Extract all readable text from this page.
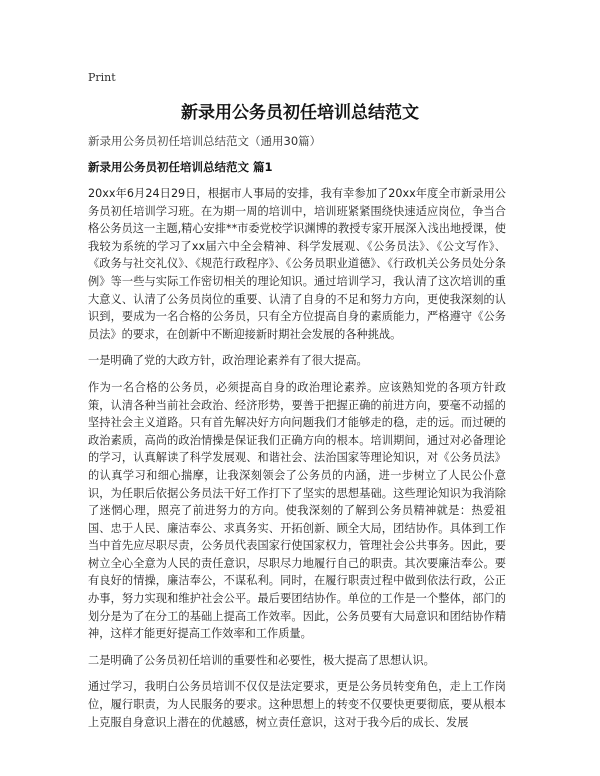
Print
新录用公务员初任培训总结范文
新录用公务员初任培训总结范文（通用30篇）
新录用公务员初任培训总结范文 篇1

20xx年6月24日29日，根据市人事局的安排，我有幸参加了20xx年度全市新录用公务员初任培训学习班。在为期一周的培训中，培训班紧紧围绕快速适应岗位，争当合格公务员这一主题,精心安排**市委党校学识渊博的教授专家开展深入浅出地授课，使我较为系统的学习了xx届六中全会精神、科学发展观、《公务员法》、《公文写作》、《政务与社交礼仪》、《规范行政程序》、《公务员职业道德》、《行政机关公务员处分条例》等一些与实际工作密切相关的理论知识。通过培训学习，我认清了这次培训的重大意义、认清了公务员岗位的重要、认清了自身的不足和努力方向，更使我深刻的认识到，要成为一名合格的公务员，只有全方位提高自身的素质能力，严格遵守《公务员法》的要求，在创新中不断迎接新时期社会发展的各种挑战。

一是明确了党的大政方针，政治理论素养有了很大提高。

作为一名合格的公务员，必须提高自身的政治理论素养。应该熟知党的各项方针政策，认清各种当前社会政治、经济形势，要善于把握正确的前进方向，要毫不动摇的坚持社会主义道路。只有首先解决好方向问题我们才能够走的稳，走的远。而过硬的政治素质，高尚的政治情操是保证我们正确方向的根本。培训期间，通过对必备理论的学习，认真解读了科学发展观、和谐社会、法治国家等理论知识，对《公务员法》的认真学习和细心揣摩，让我深刻领会了公务员的内涵，进一步树立了人民公仆意识，为任职后依据公务员法干好工作打下了坚实的思想基础。这些理论知识为我消除了迷惘心理，照亮了前进努力的方向。使我深刻的了解到公务员精神就是：热爱祖国、忠于人民、廉洁奉公、求真务实、开拓创新、顾全大局，团结协作。具体到工作当中首先应尽职尽责，公务员代表国家行使国家权力，管理社会公共事务。因此，要树立全心全意为人民的责任意识，尽职尽力地履行自己的职责。其次要廉洁奉公。要有良好的情操，廉洁奉公，不谋私利。同时，在履行职责过程中做到依法行政，公正办事，努力实现和维护社会公平。最后要团结协作。单位的工作是一个整体，部门的划分是为了在分工的基础上提高工作效率。因此，公务员要有大局意识和团结协作精神，这样才能更好提高工作效率和工作质量。

二是明确了公务员初任培训的重要性和必要性，极大提高了思想认识。

通过学习，我明白公务员培训不仅仅是法定要求，更是公务员转变角色，走上工作岗位，履行职责，为人民服务的要求。这种思想上的转变不仅要快更要彻底，要从根本上克服自身意识上潜在的优越感，树立责任意识，这对于我今后的成长、发展
